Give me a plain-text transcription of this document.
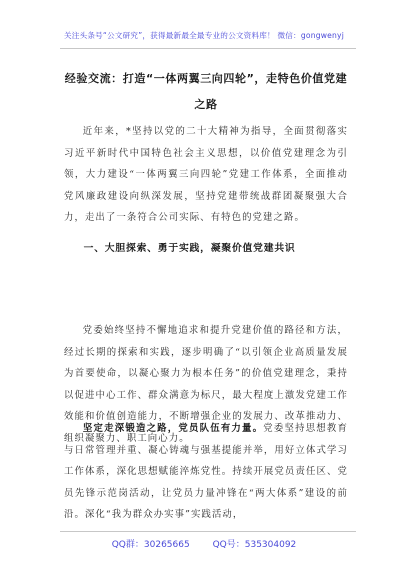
关注头条号“公文研究”，获得最新最全最专业的公文资料库！ 微信：gongwenyj
经验交流：打造“一体两翼三向四轮”，走特色价值党建之路

近年来，*坚持以党的二十大精神为指导，全面贯彻落实习近平新时代中国特色社会主义思想，以价值党建理念为引领，大力建设“一体两翼三向四轮”党建工作体系，全面推动党风廉政建设向纵深发展，坚持党建带统战群团凝聚强大合力，走出了一条符合公司实际、有特色的党建之路。

一、大胆探索、勇于实践，凝聚价值党建共识

党委始终坚持不懈地追求和提升党建价值的路径和方法，经过长期的探索和实践，逐步明确了“以引领企业高质量发展为首要使命，以凝心聚力为根本任务”的价值党建理念，秉持以促进中心工作、群众满意为标尺，最大程度上激发党建工作效能和价值创造能力，不断增强企业的发展力、改革推动力、组织凝聚力、职工向心力。

坚定走深锻造之路，党员队伍有力量。党委坚持思想教育与日常管理并重、凝心铸魂与强基提能并举，用好立体式学习工作体系，深化思想赋能淬炼党性。持续开展党员责任区、党员先锋示范岗活动，让党员力量冲锋在“两大体系”建设的前沿。深化“我为群众办实事”实践活动，

QQ群：30265665	QQ号：535304092
